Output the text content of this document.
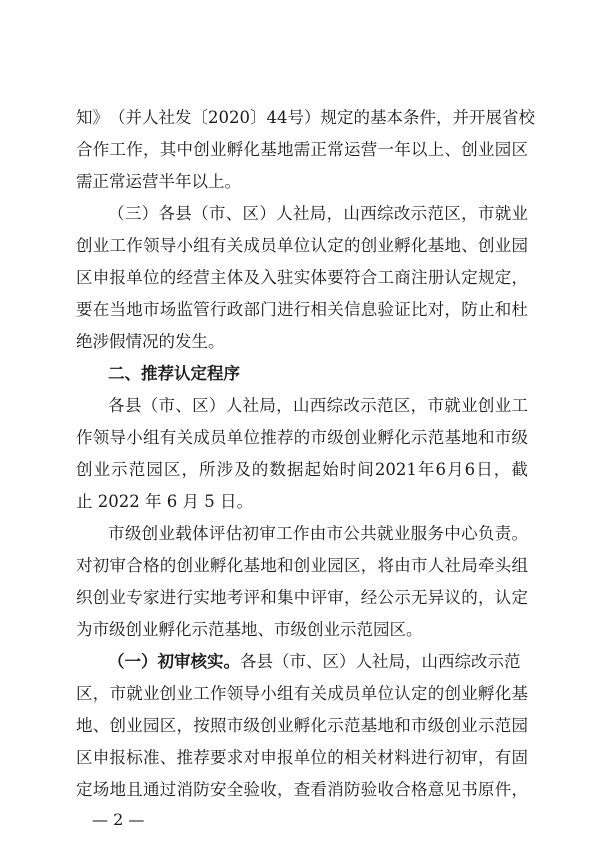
知 》 （ 并 人 社 发 〔 2020 〕 44 号 ） 规 定 的 基 本 条 件 ， 并 开 展 省 校
合 作 工 作 ， 其 中 创 业 孵 化 基 地 需 正 常 运 营 一 年 以 上 、 创 业 园 区
需正常运营半年以上。
（ 三 ） 各 县 （ 市 、 区 ） 人 社 局 ， 山 西 综 改 示 范 区 ， 市 就 业
创 业 工 作 领 导 小 组 有 关 成 员 单 位 认 定 的 创 业 孵 化 基 地 、 创 业 园
区 申 报 单 位 的 经 营 主 体 及 入 驻 实 体 要 符 合 工 商 注 册 认 定 规 定 ，
要 在 当 地 市 场 监 管 行 政 部 门 进 行 相 关 信 息 验 证 比 对 ， 防 止 和 杜
绝涉假情况的发生。
二、推荐认定程序
各 县 （ 市 、 区 ） 人 社 局 ， 山 西 综 改 示 范 区 ， 市 就 业 创 业 工
作 领 导 小 组 有 关 成 员 单 位 推 荐 的 市 级 创 业 孵 化 示 范 基 地 和 市 级
创 业 示 范 园 区 ， 所 涉 及 的 数 据 起 始 时 间 2021 年 6 月 6 日 ， 截
止 2022 年 6 月 5 日。
市 级 创 业 载 体 评 估 初 审 工 作 由 市 公 共 就 业 服 务 中 心 负 责 。
对 初 审 合 格 的 创 业 孵 化 基 地 和 创 业 园 区 ， 将 由 市 人 社 局 牵 头 组
织 创 业 专 家 进 行 实 地 考 评 和 集 中 评 审 ， 经 公 示 无 异 议 的 ， 认 定
为市级创业孵化示范基地、市级创业示范园区。
（一）初审核实。各县（市、区）人社局，山西综改示范
区 ， 市 就 业 创 业 工 作 领 导 小 组 有 关 成 员 单 位 认 定 的 创 业 孵 化 基
地 、 创 业 园 区 ， 按 照 市 级 创 业 孵 化 示 范 基 地 和 市 级 创 业 示 范 园
区 申 报 标 准 、 推 荐 要 求 对 申 报 单 位 的 相 关 材 料 进 行 初 审 ， 有 固
定 场 地 且 通 过 消 防 安 全 验 收 ， 查 看 消 防 验 收 合 格 意 见 书 原 件 ，
— 2 —
